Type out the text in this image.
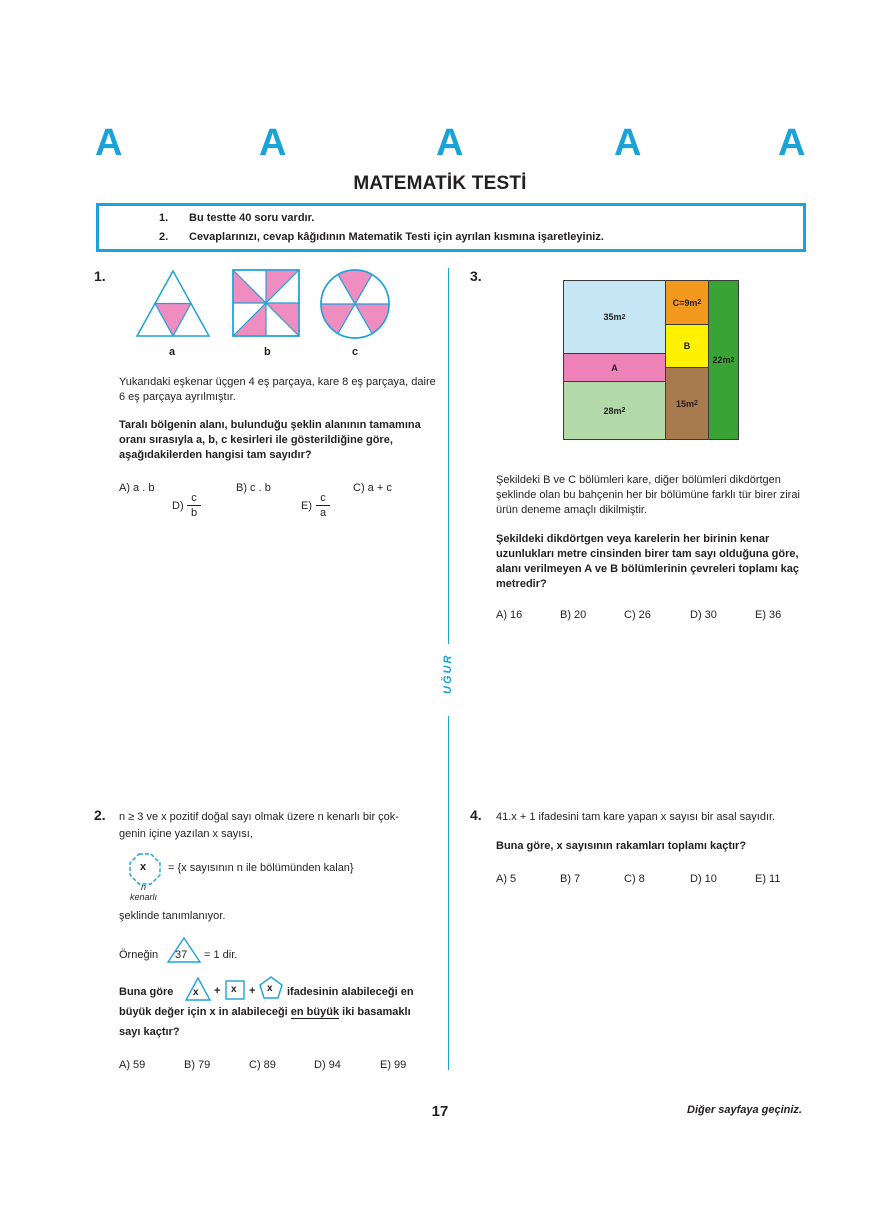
A	A	A	A	A
MATEMATİK TESTİ
1. Bu testte 40 soru vardır.
2. Cevaplarınızı, cevap kâğıdının Matematik Testi için ayrılan kısmına işaretleyiniz.
UĞUR
1.
a	b	c
Yukarıdaki eşkenar üçgen 4 eş parçaya, kare 8 eş parçaya, daire 6 eş parçaya ayrılmıştır.
Taralı bölgenin alanı, bulunduğu şeklin alanının tamamına oranı sırasıyla a, b, c kesirleri ile gösterildiğine göre, aşağıdakilerden hangisi tam sayıdır?
A) a . b	B) c . b	C) a + c
D)
c
b
E)
c
a
3.
35m 2
C=9m 2
B
22m 2
A
15m 2
28m 2
Şekildeki B ve C bölümleri kare, diğer bölümleri dikdörtgen şeklinde olan bu bahçenin her bir bölümüne farklı tür birer zirai ürün deneme amaçlı dikilmiştir.
Şekildeki dikdörtgen veya karelerin her birinin kenar uzunlukları metre cinsinden birer tam sayı olduğuna göre, alanı verilmeyen A ve B bölümlerinin çevreleri toplamı kaç metredir?
A) 16	B) 20	C) 26	D) 30	E) 36
2. n ≥ 3 ve x pozitif doğal sayı olmak üzere n kenarlı bir çok-
genin içine yazılan x sayısı,
x
n
kenarlı
= {x sayısının n ile bölümünden kalan}
şeklinde tanımlanıyor.
Örneğin 37 = 1 dir.
Buna göre x + x + x ifadesinin alabileceği en
büyük değer için x in alabileceği en büyük iki basamaklı
sayı kaçtır?
A) 59	B) 79	C) 89	D) 94	E) 99
4. 41.x + 1 ifadesini tam kare yapan x sayısı bir asal sayıdır.
Buna göre, x sayısının rakamları toplamı kaçtır?
A) 5	B) 7	C) 8	D) 10	E) 11
17	Diğer sayfaya geçiniz.
